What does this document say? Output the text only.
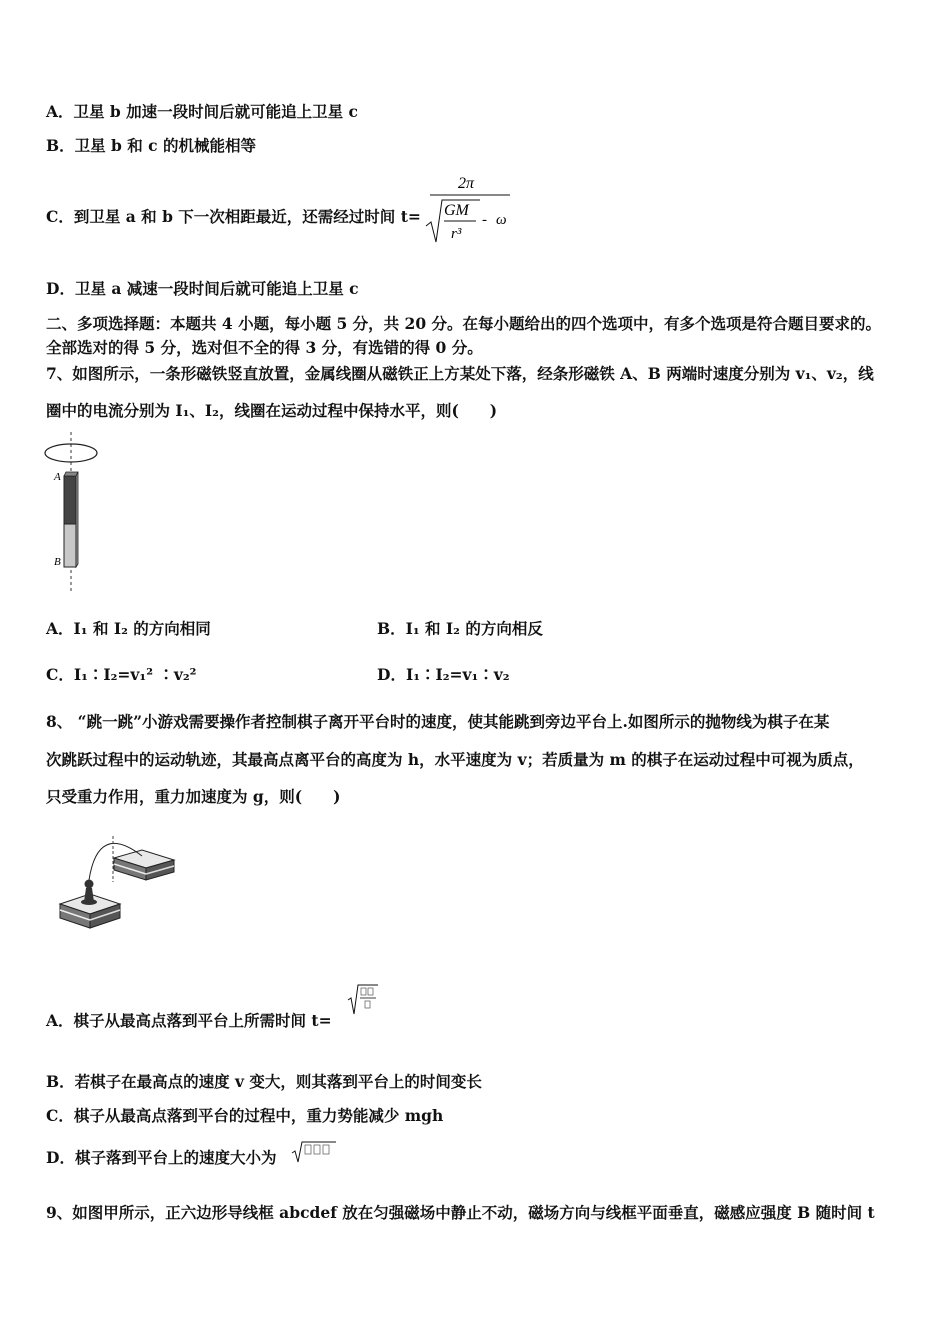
A．卫星 b 加速一段时间后就可能追上卫星 c
B．卫星 b 和 c 的机械能相等
C．到卫星 a 和 b 下一次相距最近，还需经过时间 t=
2π
GM
r³
- ω
D．卫星 a 减速一段时间后就可能追上卫星 c
二、多项选择题：本题共 4 小题，每小题 5 分，共 20 分。在每小题给出的四个选项中，有多个选项是符合题目要求的。
全部选对的得 5 分，选对但不全的得 3 分，有选错的得 0 分。
7、如图所示，一条形磁铁竖直放置，金属线圈从磁铁正上方某处下落，经条形磁铁 A、B 两端时速度分别为 v₁、v₂，线
圈中的电流分别为 I₁、I₂，线圈在运动过程中保持水平，则(　　)
A
B
A．I₁ 和 I₂ 的方向相同	B．I₁ 和 I₂ 的方向相反
C．I₁∶I₂=v₁² ∶v₂²	D．I₁∶I₂=v₁∶v₂
8、 “跳一跳”小游戏需要操作者控制棋子离开平台时的速度，使其能跳到旁边平台上.如图所示的抛物线为棋子在某
次跳跃过程中的运动轨迹，其最高点离平台的高度为 h，水平速度为 v；若质量为 m 的棋子在运动过程中可视为质点，
只受重力作用，重力加速度为 g，则(　　)
A．棋子从最高点落到平台上所需时间 t=
B．若棋子在最高点的速度 v 变大，则其落到平台上的时间变长
C．棋子从最高点落到平台的过程中，重力势能减少 mgh
D．棋子落到平台上的速度大小为
9、如图甲所示，正六边形导线框 abcdef 放在匀强磁场中静止不动，磁场方向与线框平面垂直，磁感应强度 B 随时间 t
